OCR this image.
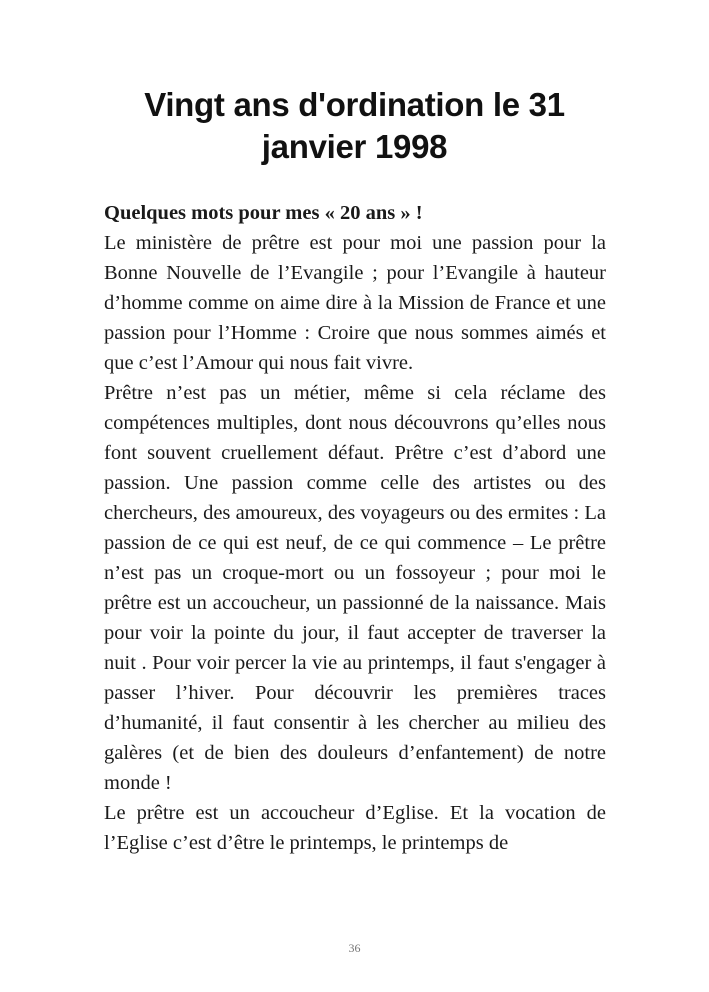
Vingt ans d'ordination le 31 janvier 1998

Quelques mots pour mes « 20 ans » !

Le ministère de prêtre est pour moi une passion pour la Bonne Nouvelle de l’Evangile ; pour l’Evangile à hauteur d’homme comme on aime dire à la Mission de France et une passion pour l’Homme : Croire que nous sommes aimés et que c’est l’Amour qui nous fait vivre.

Prêtre n’est pas un métier, même si cela réclame des compétences multiples, dont nous découvrons qu’elles nous font souvent cruellement défaut. Prêtre c’est d’abord une passion. Une passion comme celle des artistes ou des chercheurs, des amoureux, des voyageurs ou des ermites : La passion de ce qui est neuf, de ce qui commence – Le prêtre n’est pas un croque-mort ou un fossoyeur ; pour moi le prêtre est un accoucheur, un passionné de la naissance. Mais pour voir la pointe du jour, il faut accepter de traverser la nuit . Pour voir percer la vie au printemps, il faut s'engager à passer l’hiver. Pour découvrir les premières traces d’humanité, il faut consentir à les chercher au milieu des galères (et de bien des douleurs d’enfantement) de notre monde !

Le prêtre est un accoucheur d’Eglise. Et la vocation de l’Eglise c’est d’être le printemps, le printemps de

36
